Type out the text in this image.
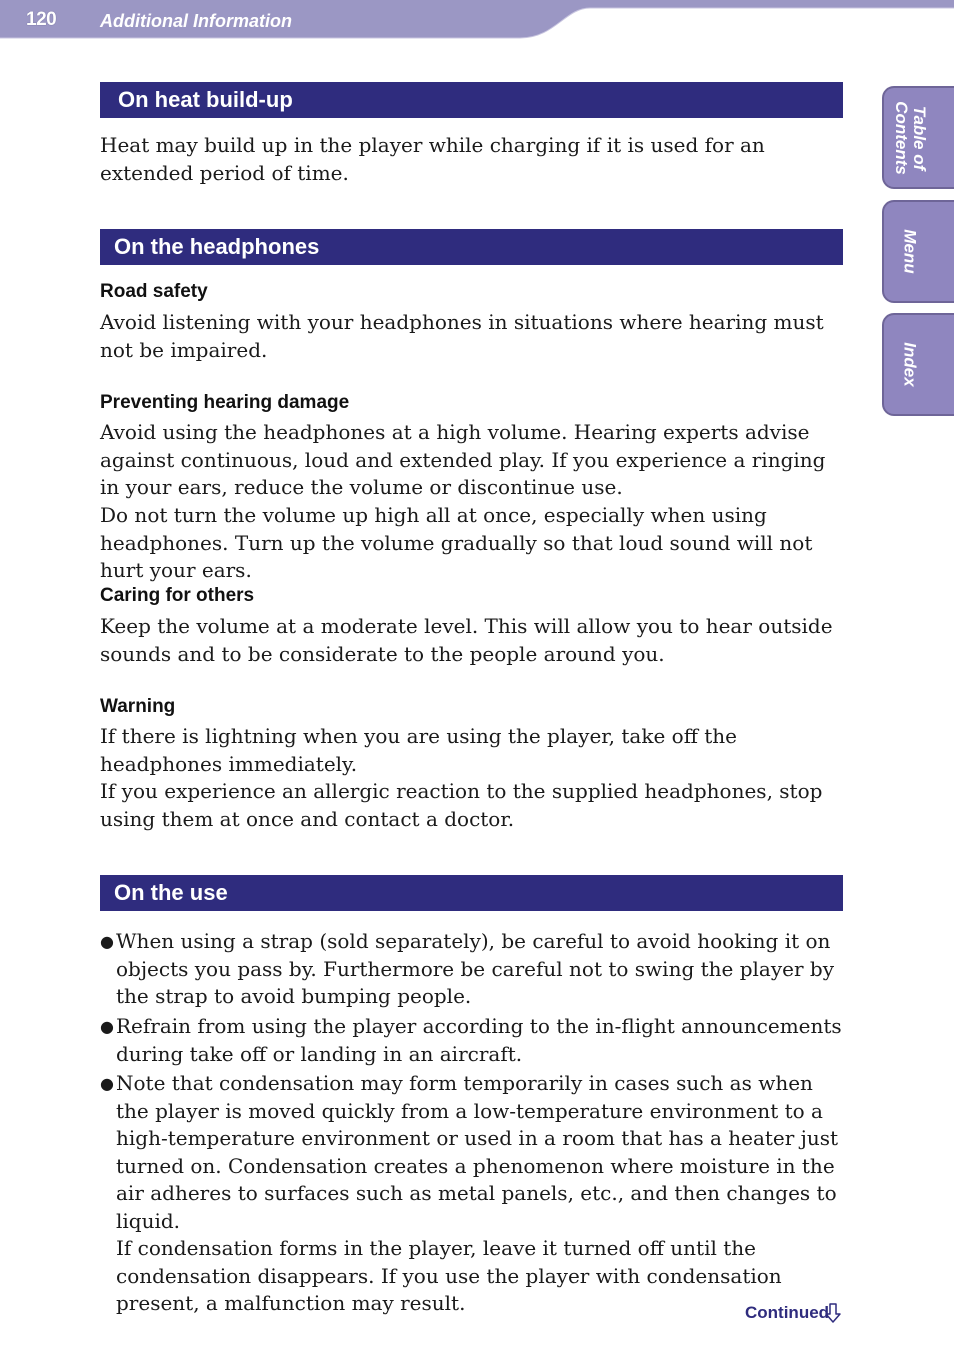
120 Additional Information
Table of
Contents
Menu
Index
On heat build-up

Heat may build up in the player while charging if it is used for an extended period of time.

On the headphones
Road safety

Avoid listening with your headphones in situations where hearing must not be impaired.

Preventing hearing damage

Avoid using the headphones at a high volume. Hearing experts advise against continuous, loud and extended play. If you experience a ringing in your ears, reduce the volume or discontinue use.

Do not turn the volume up high all at once, especially when using headphones. Turn up the volume gradually so that loud sound will not hurt your ears.

Caring for others

Keep the volume at a moderate level. This will allow you to hear outside sounds and to be considerate to the people around you.

Warning

If there is lightning when you are using the player, take off the headphones immediately.

If you experience an allergic reaction to the supplied headphones, stop using them at once and contact a doctor.

On the use
● When using a strap (sold separately), be careful to avoid hooking it on objects you pass by. Furthermore be careful not to swing the player by the strap to avoid bumping people.
● Refrain from using the player according to the in-flight announcements during take off or landing in an aircraft.
● Note that condensation may form temporarily in cases such as when the player is moved quickly from a low-temperature environment to a high-temperature environment or used in a room that has a heater just turned on. Condensation creates a phenomenon where moisture in the air adheres to surfaces such as metal panels, etc., and then changes to liquid.
If condensation forms in the player, leave it turned off until the condensation disappears. If you use the player with condensation present, a malfunction may result.	Continued
